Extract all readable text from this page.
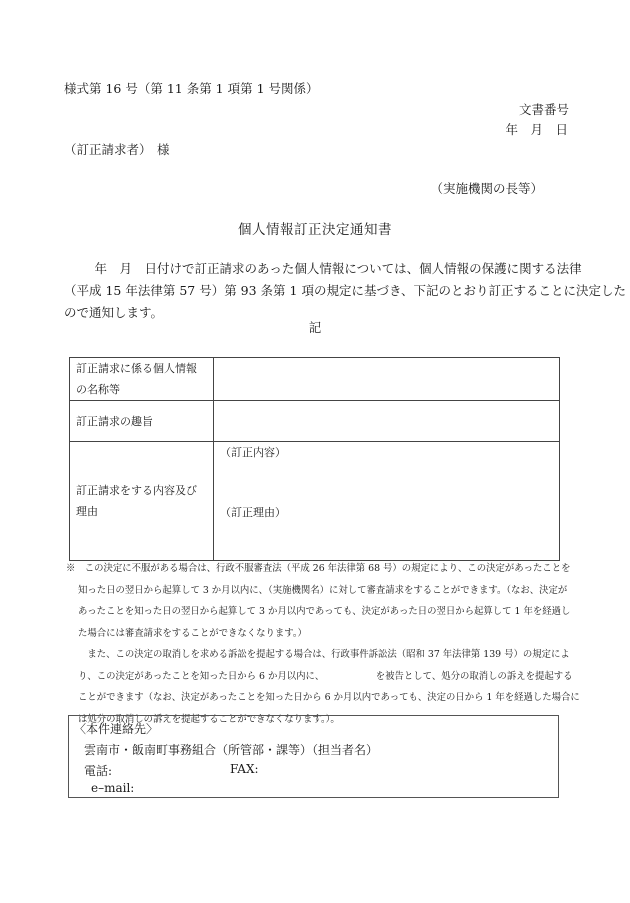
様式第 16 号（第 11 条第 1 項第 1 号関係）
文書番号
年　月　日
（訂正請求者） 様
（実施機関の長等）
個人情報訂正決定通知書
　年　月　日付けで訂正請求のあった個人情報については、個人情報の保護に関する法律
（平成 15 年法律第 57 号）第 93 条第 1 項の規定に基づき、下記のとおり訂正することに決定した
ので通知します。
記
訂正請求に係る個人情報
の名称等	

訂正請求の趣旨	

訂正請求をする内容及び
理由	（訂正内容）
（訂正理由）
※　この決定に不服がある場合は、行政不服審査法（平成 26 年法律第 68 号）の規定により、この決定があったことを
知った日の翌日から起算して 3 か月以内に、（実施機関名）に対して審査請求をすることができます。（なお、決定が
あったことを知った日の翌日から起算して 3 か月以内であっても、決定があった日の翌日から起算して 1 年を経過し
た場合には審査請求をすることができなくなります。）
　また、この決定の取消しを求める訴訟を提起する場合は、行政事件訴訟法（昭和 37 年法律第 139 号）の規定によ
り、この決定があったことを知った日から 6 か月以内に、　　　　　　を被告として、処分の取消しの訴えを提起する
ことができます（なお、決定があったことを知った日から 6 か月以内であっても、決定の日から 1 年を経過した場合に
は処分の取消しの訴えを提起することができなくなります。）。
〈本件連絡先〉
雲南市・飯南町事務組合（所管部・課等）（担当者名）
電話:	FAX:
e–mail:
